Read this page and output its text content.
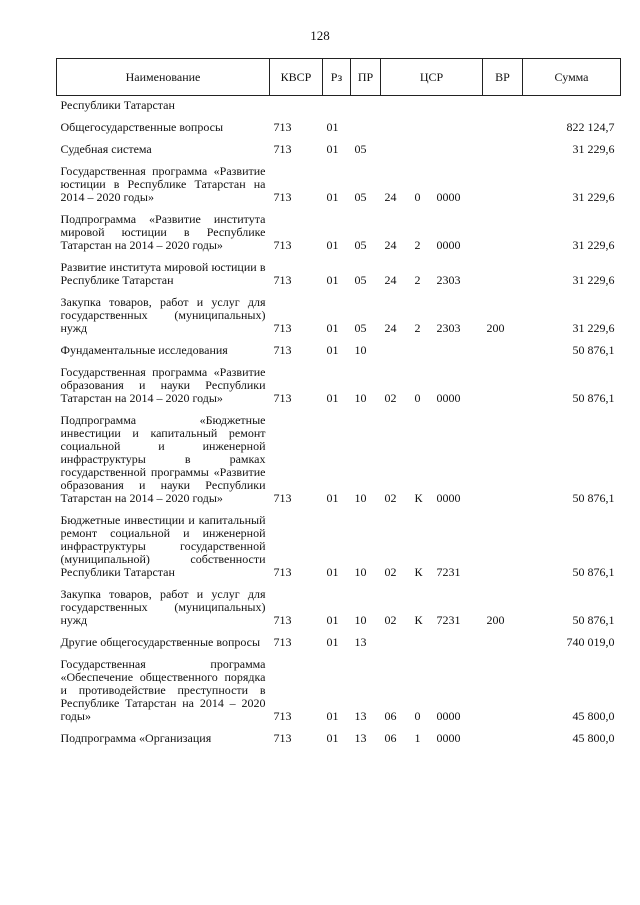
128
Наименование	КВСР	Рз	ПР	ЦСР			ВР	Сумма
Республики Татарстан								
Общегосударственные вопросы	713	01						822 124,7
Судебная система	713	01	05					31 229,6
Государственная программа «Развитие юстиции в Республике Татарстан на 2014 – 2020 годы»	713	01	05	24	0	0000		31 229,6
Подпрограмма «Развитие института мировой юстиции в Республике Татарстан на 2014 – 2020 годы»	713	01	05	24	2	0000		31 229,6
Развитие института мировой юстиции в Республике Татарстан	713	01	05	24	2	2303		31 229,6
Закупка товаров, работ и услуг для государственных (муниципальных) нужд	713	01	05	24	2	2303	200	31 229,6
Фундаментальные исследования	713	01	10					50 876,1
Государственная программа «Развитие образования и науки Республики Татарстан на 2014 – 2020 годы»	713	01	10	02	0	0000		50 876,1
Подпрограмма «Бюджетные инвестиции и капитальный ремонт социальной и инженерной инфраструктуры в рамках государственной программы «Развитие образования и науки Республики Татарстан на 2014 – 2020 годы»	713	01	10	02	К	0000		50 876,1
Бюджетные инвестиции и капитальный ремонт социальной и инженерной инфраструктуры государственной (муниципальной) собственности Республики Татарстан	713	01	10	02	К	7231		50 876,1
Закупка товаров, работ и услуг для государственных (муниципальных) нужд	713	01	10	02	К	7231	200	50 876,1
Другие общегосударственные вопросы	713	01	13					740 019,0
Государственная программа «Обеспечение общественного порядка и противодействие преступности в Республике Татарстан на 2014 – 2020 годы»	713	01	13	06	0	0000		45 800,0
Подпрограмма «Организация	713	01	13	06	1	0000		45 800,0
